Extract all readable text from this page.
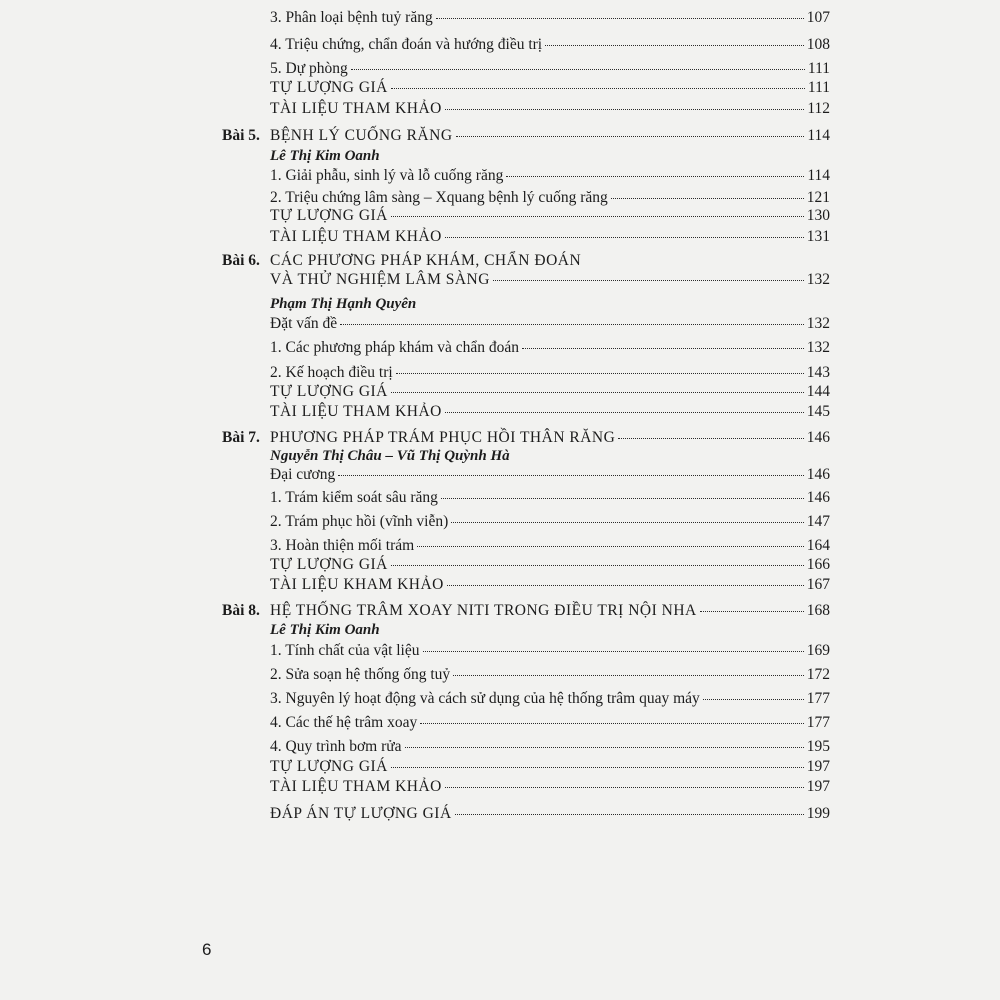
3. Phân loại bệnh tuỷ răng	107
4. Triệu chứng, chẩn đoán và hướng điều trị	108
5. Dự phòng	111
TỰ LƯỢNG GIÁ	111
TÀI LIỆU THAM KHẢO	112
Bài 5. BỆNH LÝ CUỐNG RĂNG	114
Lê Thị Kim Oanh
1. Giải phẫu, sinh lý và lỗ cuống răng	114
2. Triệu chứng lâm sàng – Xquang bệnh lý cuống răng	121
TỰ LƯỢNG GIÁ	130
TÀI LIỆU THAM KHẢO	131
Bài 6. CÁC PHƯƠNG PHÁP KHÁM, CHẨN ĐOÁN
VÀ THỬ NGHIỆM LÂM SÀNG	132
Phạm Thị Hạnh Quyên
Đặt vấn đề	132
1. Các phương pháp khám và chẩn đoán	132
2. Kế hoạch điều trị	143
TỰ LƯỢNG GIÁ	144
TÀI LIỆU THAM KHẢO	145
Bài 7. PHƯƠNG PHÁP TRÁM PHỤC HỒI THÂN RĂNG	146
Nguyễn Thị Châu – Vũ Thị Quỳnh Hà
Đại cương	146
1. Trám kiểm soát sâu răng	146
2. Trám phục hồi (vĩnh viễn)	147
3. Hoàn thiện mối trám	164
TỰ LƯỢNG GIÁ	166
TÀI LIỆU KHAM KHẢO	167
Bài 8. HỆ THỐNG TRÂM XOAY NITI TRONG ĐIỀU TRỊ NỘI NHA	168
Lê Thị Kim Oanh
1. Tính chất của vật liệu	169
2. Sửa soạn hệ thống ống tuỷ	172
3. Nguyên lý hoạt động và cách sử dụng của hệ thống trâm quay máy	177
4. Các thế hệ trâm xoay	177
4. Quy trình bơm rửa	195
TỰ LƯỢNG GIÁ	197
TÀI LIỆU THAM KHẢO	197
ĐÁP ÁN TỰ LƯỢNG GIÁ	199
6
